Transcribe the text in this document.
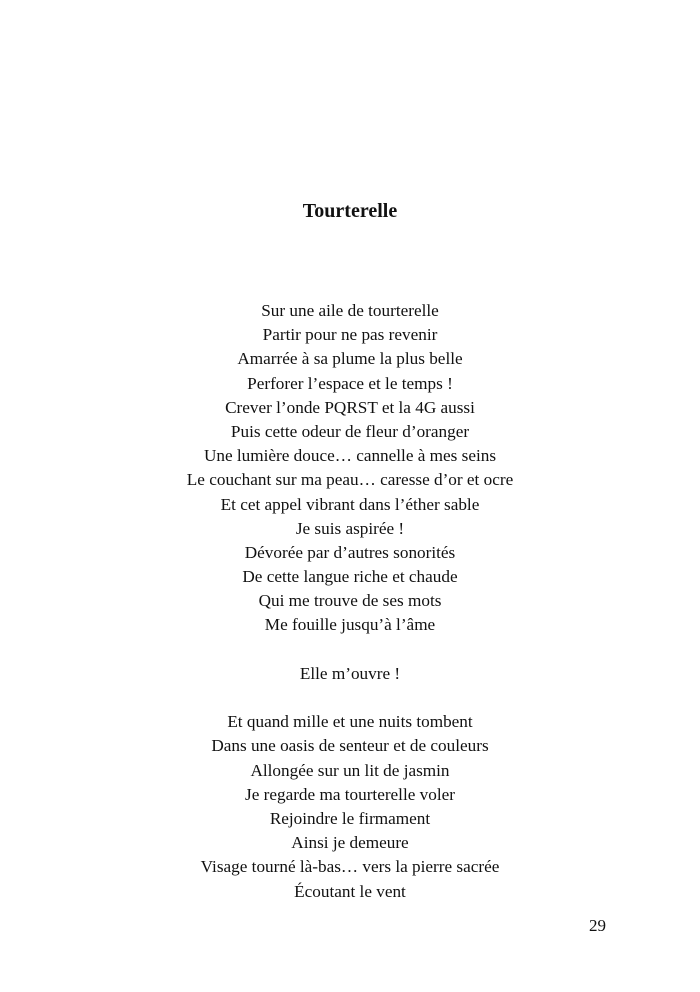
Tourterelle
Sur une aile de tourterelle
Partir pour ne pas revenir
Amarrée à sa plume la plus belle
Perforer l’espace et le temps !
Crever l’onde PQRST et la 4G aussi
Puis cette odeur de fleur d’oranger
Une lumière douce… cannelle à mes seins
Le couchant sur ma peau… caresse d’or et ocre
Et cet appel vibrant dans l’éther sable
Je suis aspirée !
Dévorée par d’autres sonorités
De cette langue riche et chaude
Qui me trouve de ses mots
Me fouille jusqu’à l’âme
Elle m’ouvre !
Et quand mille et une nuits tombent
Dans une oasis de senteur et de couleurs
Allongée sur un lit de jasmin
Je regarde ma tourterelle voler
Rejoindre le firmament
Ainsi je demeure
Visage tourné là-bas… vers la pierre sacrée
Écoutant le vent
29
